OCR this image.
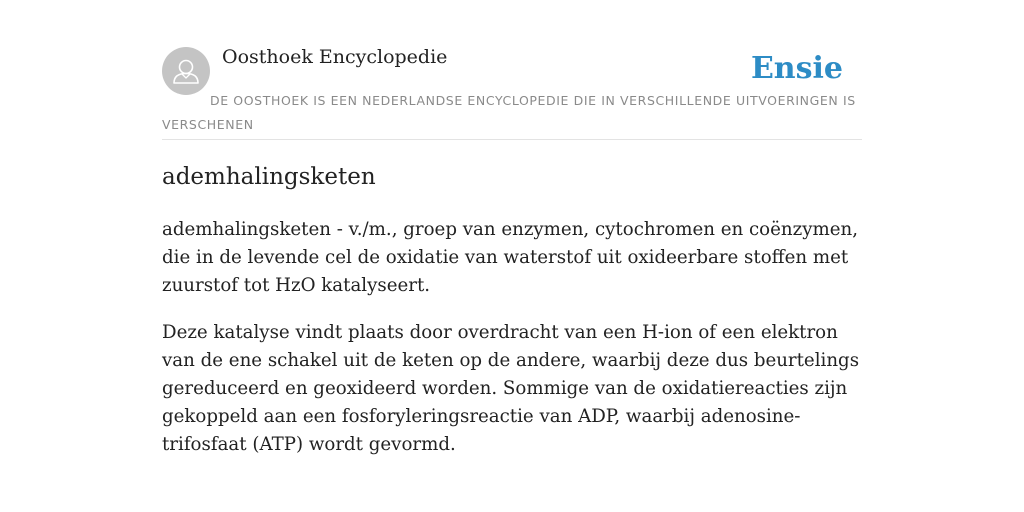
Oosthoek Encyclopedie	Ensie
DE OOSTHOEK IS EEN NEDERLANDSE ENCYCLOPEDIE DIE IN VERSCHILLENDE UITVOERINGEN IS VERSCHENEN
ademhalingsketen

ademhalingsketen - v./m., groep van enzymen, cytochromen en coënzymen, die in de levende cel de oxidatie van waterstof uit oxideerbare stoffen met zuurstof tot HzO katalyseert.

Deze katalyse vindt plaats door overdracht van een H-ion of een elektron van de ene schakel uit de keten op de andere, waarbij deze dus beurtelings gereduceerd en geoxideerd worden. Sommige van de oxidatiereacties zijn gekoppeld aan een fosforyleringsreactie van ADP, waarbij adenosine-trifosfaat (ATP) wordt gevormd.
